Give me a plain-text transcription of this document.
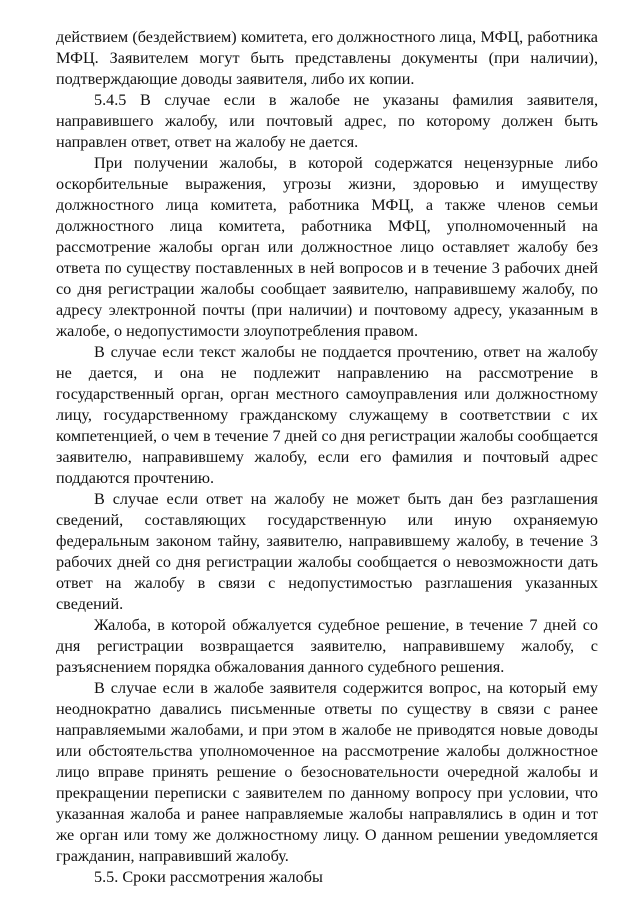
действием (бездействием) комитета, его должностного лица, МФЦ, работника МФЦ. Заявителем могут быть представлены документы (при наличии), подтверждающие доводы заявителя, либо их копии.

5.4.5 В случае если в жалобе не указаны фамилия заявителя, направившего жалобу, или почтовый адрес, по которому должен быть направлен ответ, ответ на жалобу не дается.

При получении жалобы, в которой содержатся нецензурные либо оскорбительные выражения, угрозы жизни, здоровью и имуществу должностного лица комитета, работника МФЦ, а также членов семьи должностного лица комитета, работника МФЦ, уполномоченный на рассмотрение жалобы орган или должностное лицо оставляет жалобу без ответа по существу поставленных в ней вопросов и в течение 3 рабочих дней со дня регистрации жалобы сообщает заявителю, направившему жалобу, по адресу электронной почты (при наличии) и почтовому адресу, указанным в жалобе, о недопустимости злоупотребления правом.

В случае если текст жалобы не поддается прочтению, ответ на жалобу не дается, и она не подлежит направлению на рассмотрение в государственный орган, орган местного самоуправления или должностному лицу, государственному гражданскому служащему в соответствии с их компетенцией, о чем в течение 7 дней со дня регистрации жалобы сообщается заявителю, направившему жалобу, если его фамилия и почтовый адрес поддаются прочтению.

В случае если ответ на жалобу не может быть дан без разглашения сведений, составляющих государственную или иную охраняемую федеральным законом тайну, заявителю, направившему жалобу, в течение 3 рабочих дней со дня регистрации жалобы сообщается о невозможности дать ответ на жалобу в связи с недопустимостью разглашения указанных сведений.

Жалоба, в которой обжалуется судебное решение, в течение 7 дней со дня регистрации возвращается заявителю, направившему жалобу, с разъяснением порядка обжалования данного судебного решения.

В случае если в жалобе заявителя содержится вопрос, на который ему неоднократно давались письменные ответы по существу в связи с ранее направляемыми жалобами, и при этом в жалобе не приводятся новые доводы или обстоятельства уполномоченное на рассмотрение жалобы должностное лицо вправе принять решение о безосновательности очередной жалобы и прекращении переписки с заявителем по данному вопросу при условии, что указанная жалоба и ранее направляемые жалобы направлялись в один и тот же орган или тому же должностному лицу. О данном решении уведомляется гражданин, направивший жалобу.

5.5. Сроки рассмотрения жалобы
